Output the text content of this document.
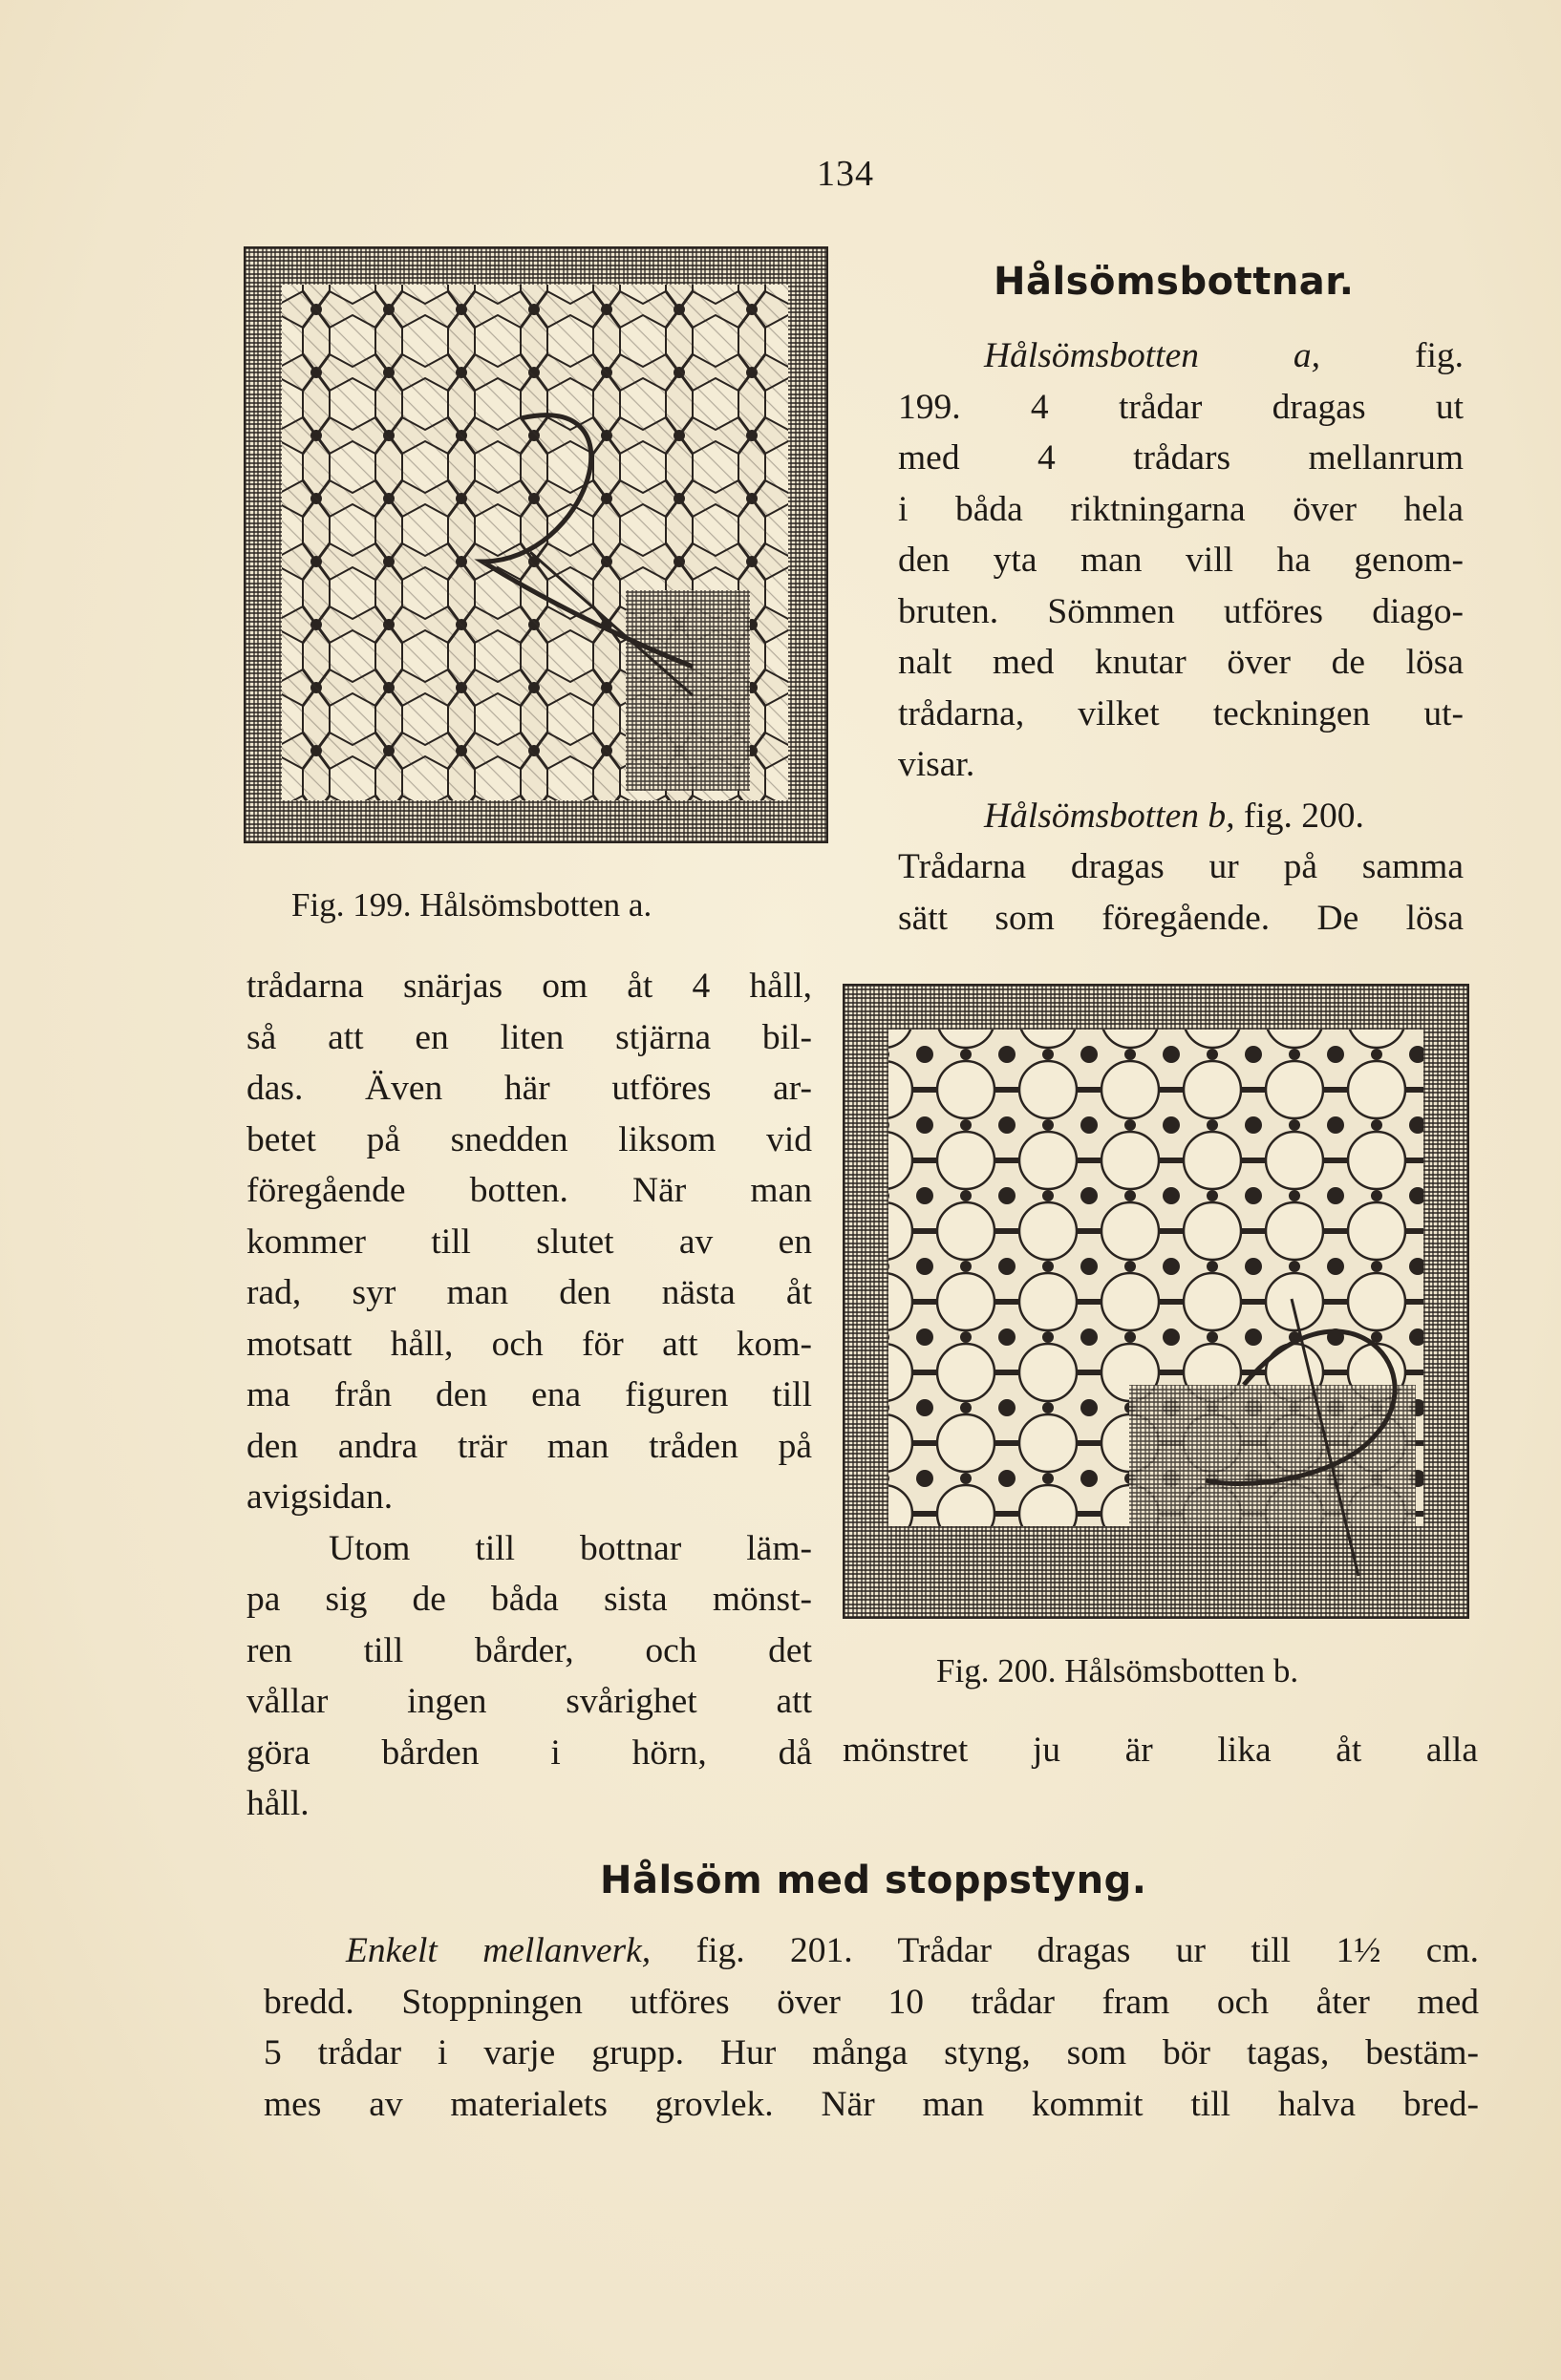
134
Hålsömsbottnar.
Hålsömsbotten a, fig.
199. 4 trådar dragas ut
med 4 trådars mellanrum
i båda riktningarna över hela
den yta man vill ha genom-
bruten. Sömmen utföres diago-
nalt med knutar över de lösa
trådarna, vilket teckningen ut-
visar.
Hålsömsbotten b, fig. 200.
Trådarna dragas ur på samma
sätt som föregående. De lösa
Fig. 199. Hålsömsbotten a.
trådarna snärjas om åt 4 håll,
så att en liten stjärna bil-
das. Även här utföres ar-
betet på snedden liksom vid
föregående botten. När man
kommer till slutet av en
rad, syr man den nästa åt
motsatt håll, och för att kom-
ma från den ena figuren till
den andra trär man tråden på
avigsidan.
Utom till bottnar läm-
pa sig de båda sista mönst-
ren till bårder, och det
vållar ingen svårighet att
göra bården i hörn, då
håll.
Fig. 200. Hålsömsbotten b.
mönstret ju är lika åt alla
Hålsöm med stoppstyng.
Enkelt mellanverk, fig. 201. Trådar dragas ur till 1½ cm.
bredd. Stoppningen utföres över 10 trådar fram och åter med
5 trådar i varje grupp. Hur många styng, som bör tagas, bestäm-
mes av materialets grovlek. När man kommit till halva bred-
